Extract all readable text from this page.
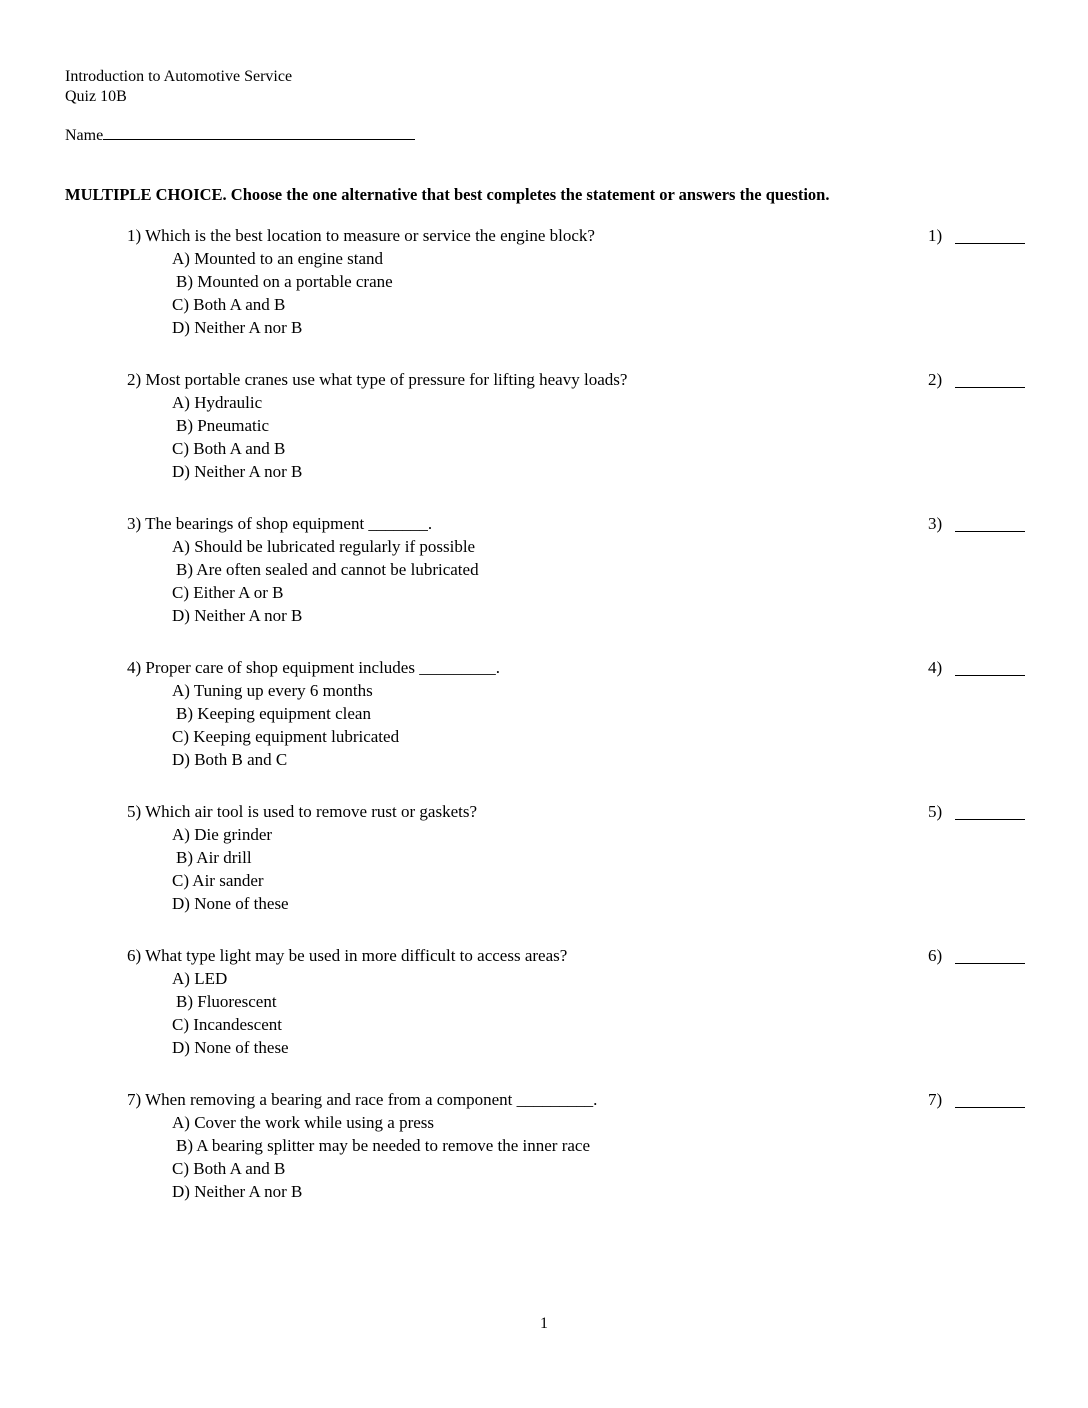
Introduction to Automotive Service
Quiz 10B
Name
MULTIPLE CHOICE. Choose the one alternative that best completes the statement or answers the question.
1) Which is the best location to measure or service the engine block?
A) Mounted to an engine stand
B) Mounted on a portable crane
C) Both A and B
D) Neither A nor B
1)
2) Most portable cranes use what type of pressure for lifting heavy loads?
A) Hydraulic
B) Pneumatic
C) Both A and B
D) Neither A nor B
2)
3) The bearings of shop equipment _______.
A) Should be lubricated regularly if possible
B) Are often sealed and cannot be lubricated
C) Either A or B
D) Neither A nor B
3)
4) Proper care of shop equipment includes _________.
A) Tuning up every 6 months
B) Keeping equipment clean
C) Keeping equipment lubricated
D) Both B and C
4)
5) Which air tool is used to remove rust or gaskets?
A) Die grinder
B) Air drill
C) Air sander
D) None of these
5)
6) What type light may be used in more difficult to access areas?
A) LED
B) Fluorescent
C) Incandescent
D) None of these
6)
7) When removing a bearing and race from a component _________.
A) Cover the work while using a press
B) A bearing splitter may be needed to remove the inner race
C) Both A and B
D) Neither A nor B
7)
1
